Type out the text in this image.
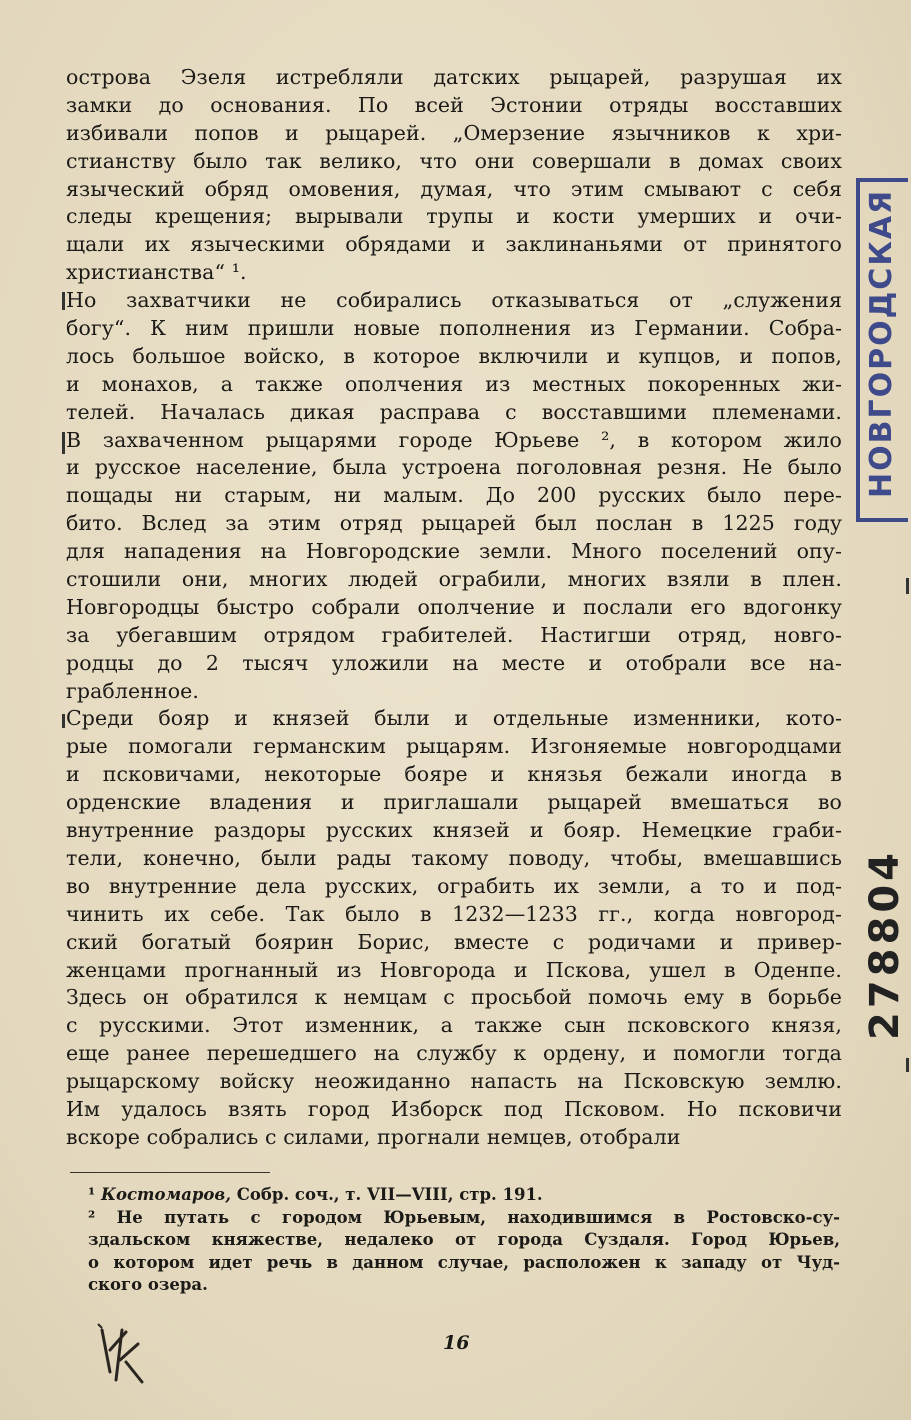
острова Эзеля истребляли датских рыцарей, разрушая их
замки до основания. По всей Эстонии отряды восставших
избивали попов и рыцарей. „Омерзение язычников к хри-
стианству было так велико, что они совершали в домах своих
языческий обряд омовения, думая, что этим смывают с себя
следы крещения; вырывали трупы и кости умерших и очи-
щали их языческими обрядами и заклинаньями от принятого
христианства“ ¹.
Но захватчики не собирались отказываться от „служения
богу“. К ним пришли новые пополнения из Германии. Собра-
лось большое войско, в которое включили и купцов, и попов,
и монахов, а также ополчения из местных покоренных жи-
телей. Началась дикая расправа с восставшими племенами.
В захваченном рыцарями городе Юрьеве ², в котором жило
и русское население, была устроена поголовная резня. Не было
пощады ни старым, ни малым. До 200 русских было пере-
бито. Вслед за этим отряд рыцарей был послан в 1225 году
для нападения на Новгородские земли. Много поселений опу-
стошили они, многих людей ограбили, многих взяли в плен.
Новгородцы быстро собрали ополчение и послали его вдогонку
за убегавшим отрядом грабителей. Настигши отряд, новго-
родцы до 2 тысяч уложили на месте и отобрали все на-
грабленное.
Среди бояр и князей были и отдельные изменники, кото-
рые помогали германским рыцарям. Изгоняемые новгородцами
и псковичами, некоторые бояре и князья бежали иногда в
орденские владения и приглашали рыцарей вмешаться во
внутренние раздоры русских князей и бояр. Немецкие граби-
тели, конечно, были рады такому поводу, чтобы, вмешавшись
во внутренние дела русских, ограбить их земли, а то и под-
чинить их себе. Так было в 1232—1233 гг., когда новгород-
ский богатый боярин Борис, вместе с родичами и привер-
женцами прогнанный из Новгорода и Пскова, ушел в Оденпе.
Здесь он обратился к немцам с просьбой помочь ему в борьбе
с русскими. Этот изменник, а также сын псковского князя,
еще ранее перешедшего на службу к ордену, и помогли тогда
рыцарскому войску неожиданно напасть на Псковскую землю.
Им удалось взять город Изборск под Псковом. Но псковичи
вскоре собрались с силами, прогнали немцев, отобрали
¹ Костомаров, Собр. соч., т. VII—VIII, стр. 191.
² Не путать с городом Юрьевым, находившимся в Ростовско-су-
здальском княжестве, недалеко от города Суздаля. Город Юрьев,
о котором идет речь в данном случае, расположен к западу от Чуд-
ского озера.
16
НОВГОРОДСКАЯ
278804
